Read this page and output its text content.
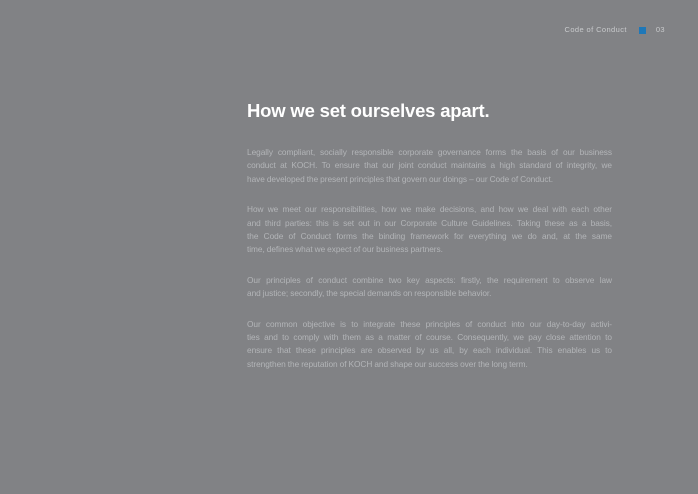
Code of Conduct	03
How we set ourselves apart.
Legally compliant, socially responsible corporate governance forms the basis of our business
conduct at KOCH. To ensure that our joint conduct maintains a high standard of integrity, we
have developed the present principles that govern our doings – our Code of Conduct.
How we meet our responsibilities, how we make decisions, and how we deal with each other
and third parties: this is set out in our Corporate Culture Guidelines. Taking these as a basis,
the Code of Conduct forms the binding framework for everything we do and, at the same
time, defines what we expect of our business partners.
Our principles of conduct combine two key aspects: firstly, the requirement to observe law
and justice; secondly, the special demands on responsible behavior.
Our common objective is to integrate these principles of conduct into our day-to-day activi-
ties and to comply with them as a matter of course. Consequently, we pay close attention to
ensure that these principles are observed by us all, by each individual. This enables us to
strengthen the reputation of KOCH and shape our success over the long term.
